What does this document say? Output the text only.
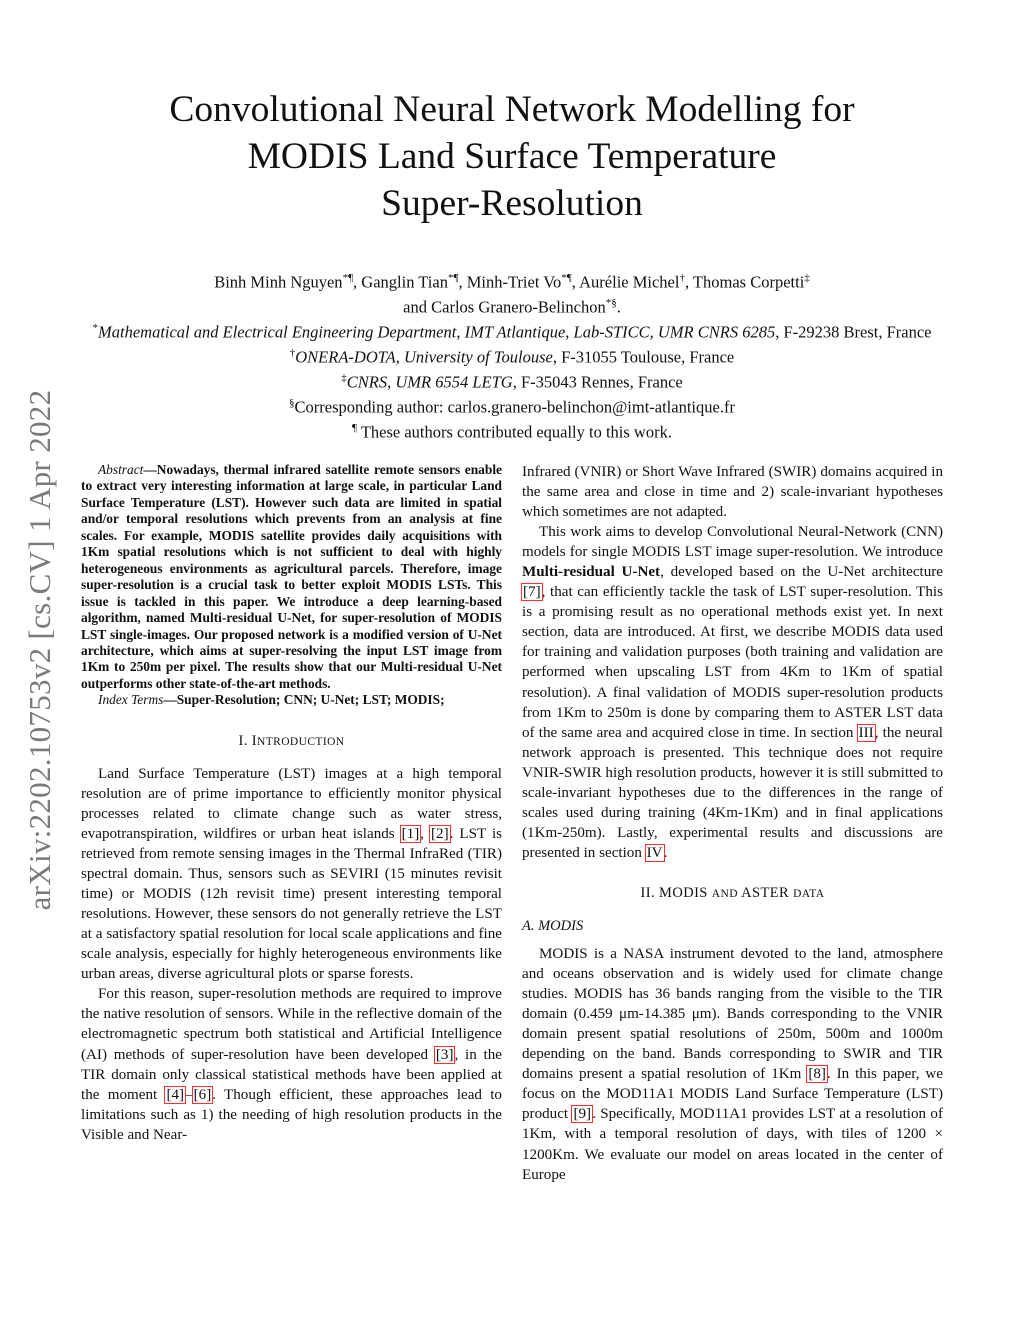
arXiv:2202.10753v2 [cs.CV] 1 Apr 2022
Convolutional Neural Network Modelling for
MODIS Land Surface Temperature
Super-Resolution
Binh Minh Nguyen*¶, Ganglin Tian*¶, Minh-Triet Vo*¶, Aurélie Michel†, Thomas Corpetti‡
and Carlos Granero-Belinchon*§.
*Mathematical and Electrical Engineering Department, IMT Atlantique, Lab-STICC, UMR CNRS 6285, F-29238 Brest, France
†ONERA-DOTA, University of Toulouse, F-31055 Toulouse, France
‡CNRS, UMR 6554 LETG, F-35043 Rennes, France
§Corresponding author: carlos.granero-belinchon@imt-atlantique.fr
¶ These authors contributed equally to this work.

Abstract—Nowadays, thermal infrared satellite remote sensors enable to extract very interesting information at large scale, in particular Land Surface Temperature (LST). However such data are limited in spatial and/or temporal resolutions which prevents from an analysis at fine scales. For example, MODIS satellite provides daily acquisitions with 1Km spatial resolutions which is not sufficient to deal with highly heterogeneous environments as agricultural parcels. Therefore, image super-resolution is a crucial task to better exploit MODIS LSTs. This issue is tackled in this paper. We introduce a deep learning-based algorithm, named Multi-residual U-Net, for super-resolution of MODIS LST single-images. Our proposed network is a modified version of U-Net architecture, which aims at super-resolving the input LST image from 1Km to 250m per pixel. The results show that our Multi-residual U-Net outperforms other state-of-the-art methods.

Index Terms—Super-Resolution; CNN; U-Net; LST; MODIS;

I. INTRODUCTION

Land Surface Temperature (LST) images at a high temporal resolution are of prime importance to efficiently monitor physical processes related to climate change such as water stress, evapotranspiration, wildfires or urban heat islands [1], [2]. LST is retrieved from remote sensing images in the Thermal InfraRed (TIR) spectral domain. Thus, sensors such as SEVIRI (15 minutes revisit time) or MODIS (12h revisit time) present interesting temporal resolutions. However, these sensors do not generally retrieve the LST at a satisfactory spatial resolution for local scale applications and fine scale analysis, especially for highly heterogeneous environments like urban areas, diverse agricultural plots or sparse forests.

For this reason, super-resolution methods are required to improve the native resolution of sensors. While in the reflective domain of the electromagnetic spectrum both statistical and Artificial Intelligence (AI) methods of super-resolution have been developed [3], in the TIR domain only classical statistical methods have been applied at the moment [4]–[6]. Though efficient, these approaches lead to limitations such as 1) the needing of high resolution products in the Visible and Near-

Infrared (VNIR) or Short Wave Infrared (SWIR) domains acquired in the same area and close in time and 2) scale-invariant hypotheses which sometimes are not adapted.

This work aims to develop Convolutional Neural-Network (CNN) models for single MODIS LST image super-resolution. We introduce Multi-residual U-Net, developed based on the U-Net architecture [7], that can efficiently tackle the task of LST super-resolution. This is a promising result as no operational methods exist yet. In next section, data are introduced. At first, we describe MODIS data used for training and validation purposes (both training and validation are performed when upscaling LST from 4Km to 1Km of spatial resolution). A final validation of MODIS super-resolution products from 1Km to 250m is done by comparing them to ASTER LST data of the same area and acquired close in time. In section III, the neural network approach is presented. This technique does not require VNIR-SWIR high resolution products, however it is still submitted to scale-invariant hypotheses due to the differences in the range of scales used during training (4Km-1Km) and in final applications (1Km-250m). Lastly, experimental results and discussions are presented in section IV.

II. MODIS AND ASTER DATA
A. MODIS

MODIS is a NASA instrument devoted to the land, atmosphere and oceans observation and is widely used for climate change studies. MODIS has 36 bands ranging from the visible to the TIR domain (0.459 μm-14.385 μm). Bands corresponding to the VNIR domain present spatial resolutions of 250m, 500m and 1000m depending on the band. Bands corresponding to SWIR and TIR domains present a spatial resolution of 1Km [8]. In this paper, we focus on the MOD11A1 MODIS Land Surface Temperature (LST) product [9]. Specifically, MOD11A1 provides LST at a resolution of 1Km, with a temporal resolution of days, with tiles of 1200 × 1200Km. We evaluate our model on areas located in the center of Europe
